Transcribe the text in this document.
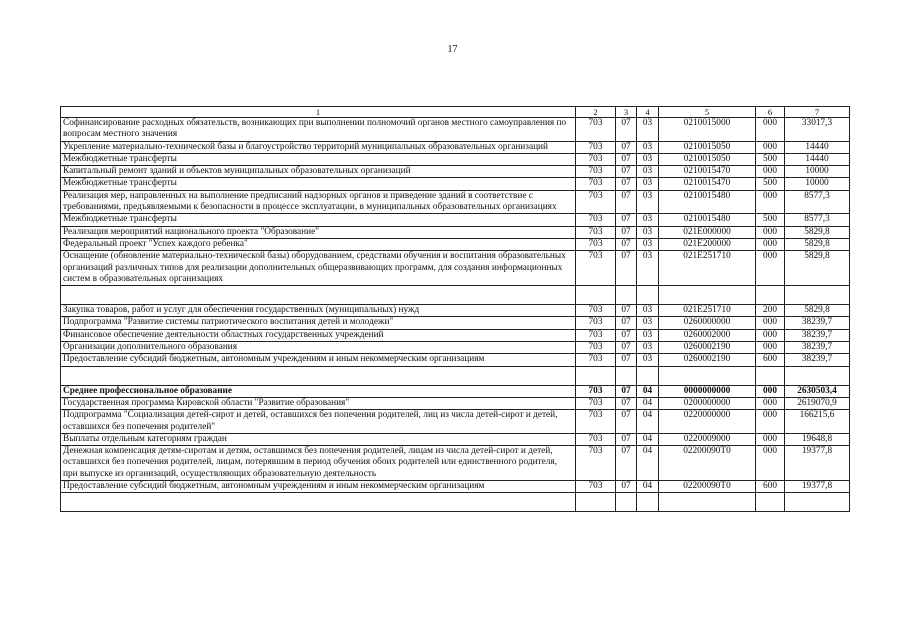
17
1	2	3	4	5	6	7
Софинансирование расходных обязательств, возникающих при выполнении полномочий органов местного самоуправления по вопросам местного значения	703	07	03	0210015000	000	33017,3
Укрепление материально-технической базы и благоустройство территорий муниципальных образовательных организаций	703	07	03	0210015050	000	14440
Межбюджетные трансферты	703	07	03	0210015050	500	14440
Капитальный ремонт зданий и объектов муниципальных образовательных организаций	703	07	03	0210015470	000	10000
Межбюджетные трансферты	703	07	03	0210015470	500	10000
Реализация мер, направленных на выполнение предписаний надзорных органов и приведение зданий в соответствие с требованиями, предъявляемыми к безопасности в процессе эксплуатации, в муниципальных образовательных организациях	703	07	03	0210015480	000	8577,3
Межбюджетные трансферты	703	07	03	0210015480	500	8577,3
Реализация мероприятий национального проекта "Образование"	703	07	03	021E000000	000	5829,8
Федеральный проект "Успех каждого ребенка"	703	07	03	021E200000	000	5829,8
Оснащение (обновление материально-технической базы) оборудованием, средствами обучения и воспитания образовательных организаций различных типов для реализации дополнительных общеразвивающих программ, для создания информационных систем в образовательных организациях	703	07	03	021E251710	000	5829,8

Закупка товаров, работ и услуг для обеспечения государственных (муниципальных) нужд	703	07	03	021E251710	200	5829,8
Подпрограмма "Развитие системы патриотического воспитания детей и молодежи"	703	07	03	0260000000	000	38239,7
Финансовое обеспечение деятельности областных государственных учреждений	703	07	03	0260002000	000	38239,7
Организации дополнительного образования	703	07	03	0260002190	000	38239,7
Предоставление субсидий бюджетным, автономным учреждениям и иным некоммерческим организациям	703	07	03	0260002190	600	38239,7

Среднее профессиональное образование	703	07	04	0000000000	000	2630503,4
Государственная программа Кировской области "Развитие образования"	703	07	04	0200000000	000	2619070,9
Подпрограмма "Социализация детей-сирот и детей, оставшихся без попечения родителей, лиц из числа детей-сирот и детей, оставшихся без попечения родителей"	703	07	04	0220000000	000	166215,6
Выплаты отдельным категориям граждан	703	07	04	0220009000	000	19648,8
Денежная компенсация детям-сиротам и детям, оставшимся без попечения родителей, лицам из числа детей-сирот и детей, оставшихся без попечения родителей, лицам, потерявшим в период обучения обоих родителей или единственного родителя, при выпуске из организаций, осуществляющих образовательную деятельность	703	07	04	02200090Т0	000	19377,8
Предоставление субсидий бюджетным, автономным учреждениям и иным некоммерческим организациям	703	07	04	02200090Т0	600	19377,8
